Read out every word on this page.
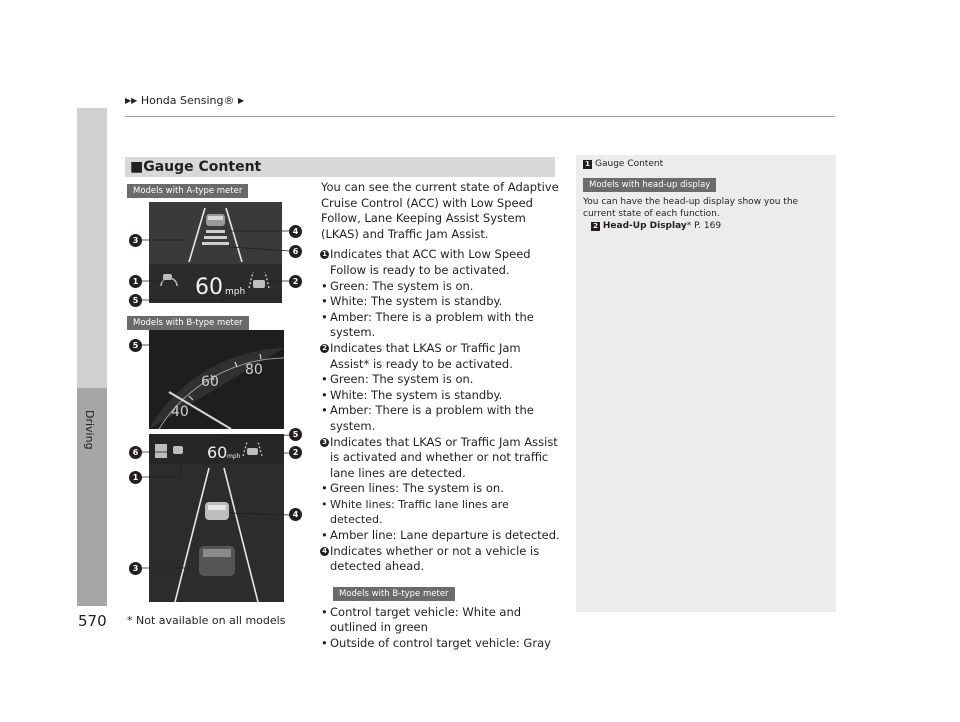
▶▶ Honda Sensing® ▶
Driving
570 * Not available on all models
■Gauge Content
Models with A-type meter
Models with B-type meter
60 mph
3
1
5
4
6
2
40
60
80
60 mph
5
6
1
3
5
2
4

You can see the current state of Adaptive Cruise Control (ACC) with Low Speed Follow, Lane Keeping Assist System (LKAS) and Traffic Jam Assist.

1 Indicates that ACC with Low Speed Follow is ready to be activated.

• Green: The system is on.

• White: The system is standby.

• Amber: There is a problem with the system.

2 Indicates that LKAS or Traffic Jam Assist* is ready to be activated.

• Green: The system is on.

• White: The system is standby.

• Amber: There is a problem with the system.

3 Indicates that LKAS or Traffic Jam Assist is activated and whether or not traffic lane lines are detected.

• Green lines: The system is on.

• White lines: Traffic lane lines are detected.

• Amber line: Lane departure is detected.

4 Indicates whether or not a vehicle is detected ahead.

Models with B-type meter

• Control target vehicle: White and outlined in green

• Outside of control target vehicle: Gray

1 Gauge Content
Models with head-up display
You can have the head-up display show you the current state of each function.
2 Head-Up Display* P. 169
